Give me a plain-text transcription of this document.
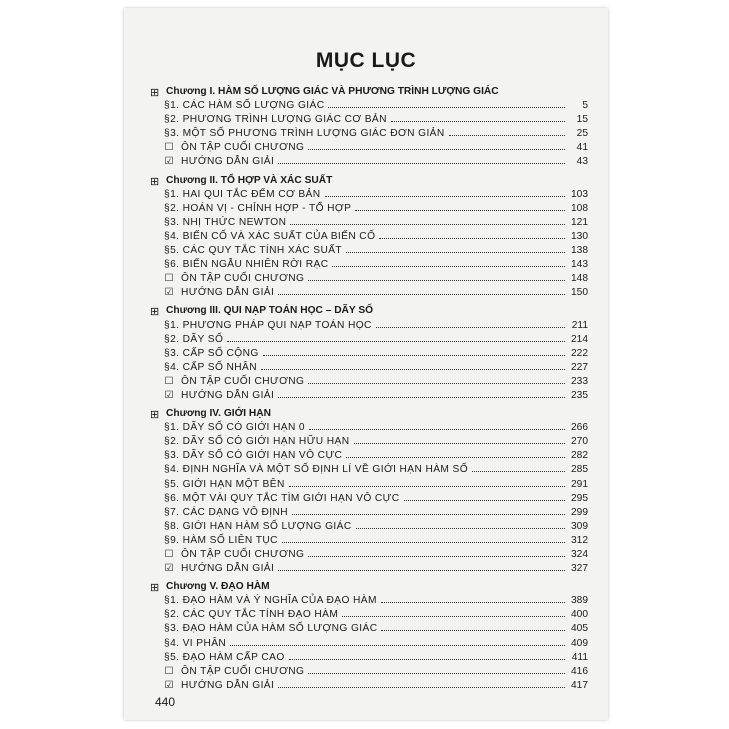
MỤC LỤC
⊞ Chương I. HÀM SỐ LƯỢNG GIÁC VÀ PHƯƠNG TRÌNH LƯỢNG GIÁC
§1. CÁC HÀM SỐ LƯỢNG GIÁC	5
§2. PHƯƠNG TRÌNH LƯỢNG GIÁC CƠ BẢN	15
§3. MỘT SỐ PHƯƠNG TRÌNH LƯỢNG GIÁC ĐƠN GIẢN	25
☐ ÔN TẬP CUỐI CHƯƠNG	41
☑ HƯỚNG DẪN GIẢI	43
⊞ Chương II. TỔ HỢP VÀ XÁC SUẤT
§1. HAI QUI TẮC ĐẾM CƠ BẢN	103
§2. HOÁN VỊ - CHỈNH HỢP - TỔ HỢP	108
§3. NHỊ THỨC NEWTON	121
§4. BIẾN CỐ VÀ XÁC SUẤT CỦA BIẾN CỐ	130
§5. CÁC QUY TẮC TÍNH XÁC SUẤT	138
§6. BIẾN NGẪU NHIÊN RỜI RẠC	143
☐ ÔN TẬP CUỐI CHƯƠNG	148
☑ HƯỚNG DẪN GIẢI	150
⊞ Chương III. QUI NẠP TOÁN HỌC – DÃY SỐ
§1. PHƯƠNG PHÁP QUI NẠP TOÁN HỌC	211
§2. DÃY SỐ	214
§3. CẤP SỐ CỘNG	222
§4. CẤP SỐ NHÂN	227
☐ ÔN TẬP CUỐI CHƯƠNG	233
☑ HƯỚNG DẪN GIẢI	235
⊞ Chương IV. GIỚI HẠN
§1. DÃY SỐ CÓ GIỚI HẠN 0	266
§2. DÃY SỐ CÓ GIỚI HẠN HỮU HẠN	270
§3. DÃY SỐ CÓ GIỚI HẠN VÔ CỰC	282
§4. ĐỊNH NGHĨA VÀ MỘT SỐ ĐỊNH LÍ VỀ GIỚI HẠN HÀM SỐ	285
§5. GIỚI HẠN MỘT BÊN	291
§6. MỘT VÀI QUY TẮC TÌM GIỚI HẠN VÔ CỰC	295
§7. CÁC DẠNG VÔ ĐỊNH	299
§8. GIỚI HẠN HÀM SỐ LƯỢNG GIÁC	309
§9. HÀM SỐ LIÊN TỤC	312
☐ ÔN TẬP CUỐI CHƯƠNG	324
☑ HƯỚNG DẪN GIẢI	327
⊞ Chương V. ĐẠO HÀM
§1. ĐẠO HÀM VÀ Ý NGHĨA CỦA ĐẠO HÀM	389
§2. CÁC QUY TẮC TÍNH ĐẠO HÀM	400
§3. ĐẠO HÀM CỦA HÀM SỐ LƯỢNG GIÁC	405
§4. VI PHÂN	409
§5. ĐẠO HÀM CẤP CAO	411
☐ ÔN TẬP CUỐI CHƯƠNG	416
☑ HƯỚNG DẪN GIẢI	417
440
